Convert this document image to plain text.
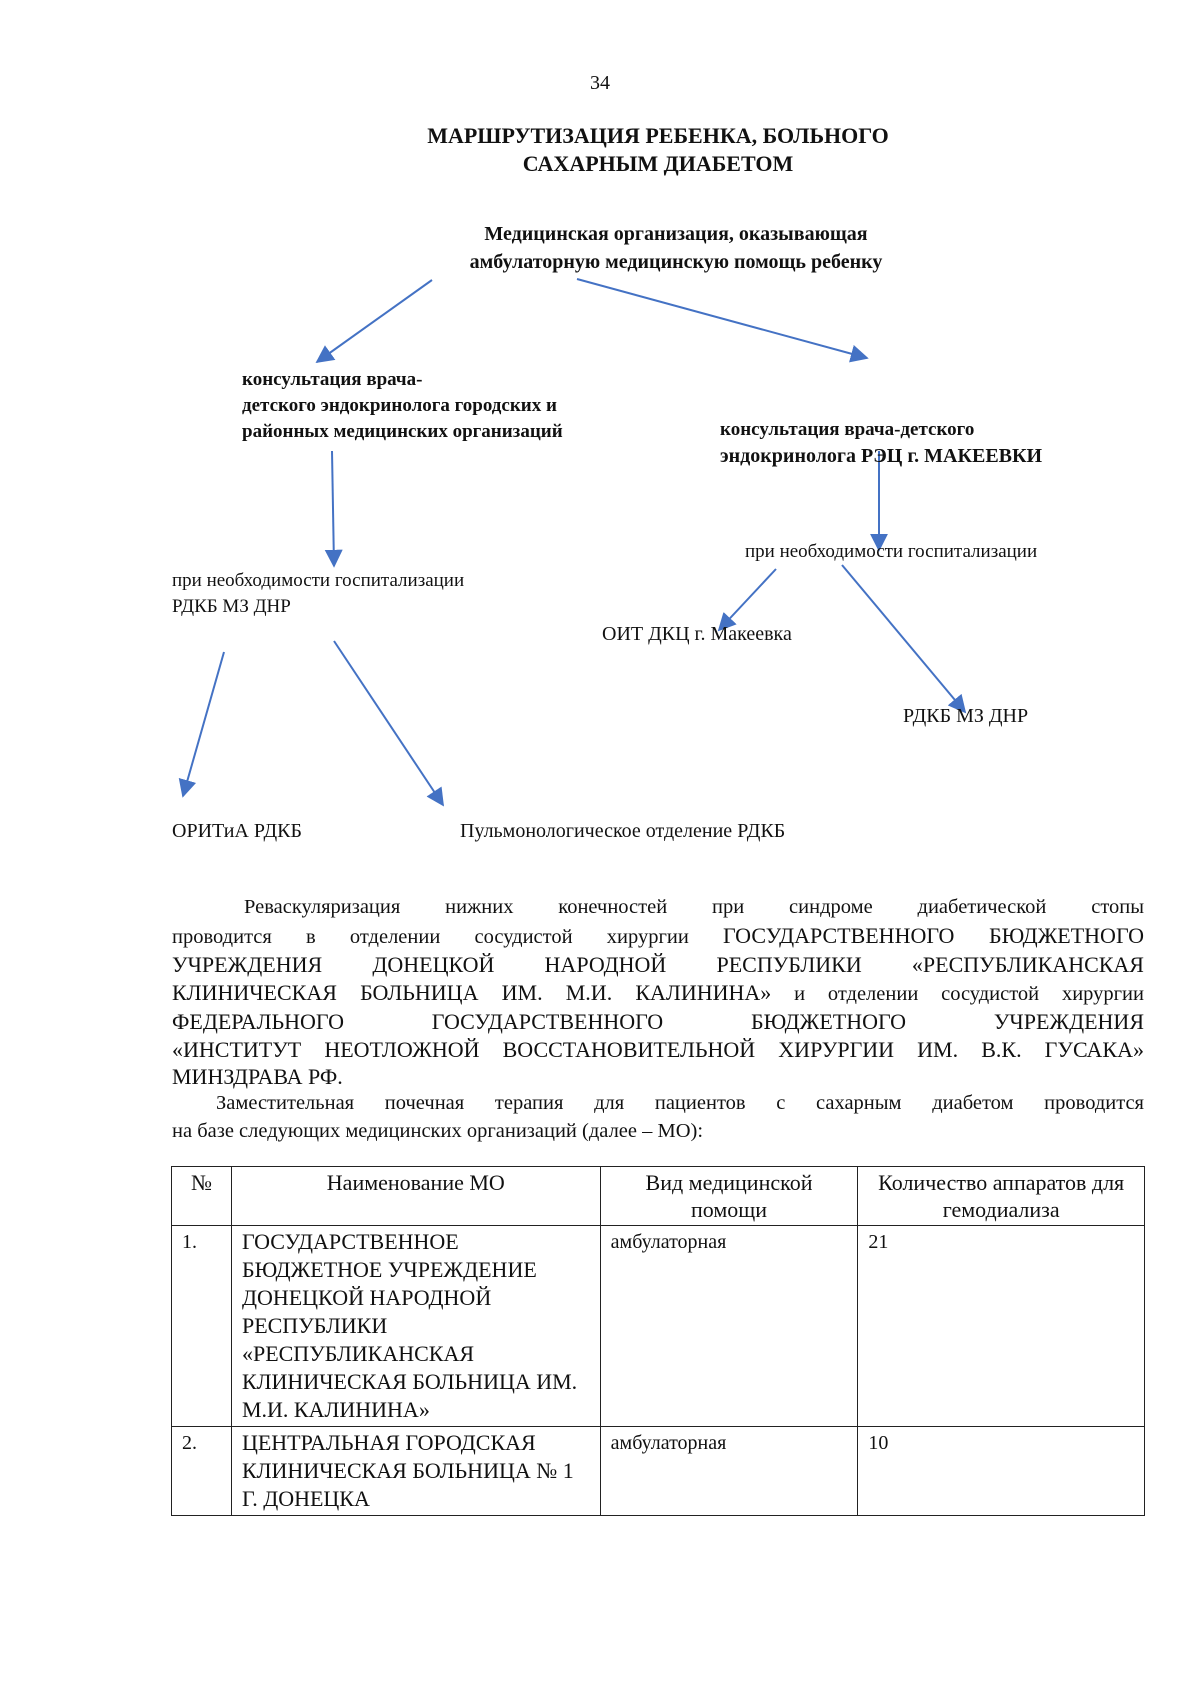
34
МАРШРУТИЗАЦИЯ РЕБЕНКА, БОЛЬНОГО
САХАРНЫМ ДИАБЕТОМ
Медицинская организация, оказывающая
амбулаторную медицинскую помощь ребенку
консультация врача-
детского эндокринолога городских и
районных медицинских организаций	консультация врача-детского
эндокринолога РЭЦ г. МАКЕЕВКИ
при необходимости госпитализации
РДКБ МЗ ДНР
при необходимости госпитализации
ОИТ ДКЦ г. Макеевка
РДКБ МЗ ДНР
ОРИТиА РДКБ	Пульмонологическое отделение РДКБ
Реваскуляризация нижних конечностей при синдроме диабетической стопы
проводится в отделении сосудистой хирургии ГОСУДАРСТВЕННОГО БЮДЖЕТНОГО
УЧРЕЖДЕНИЯ ДОНЕЦКОЙ НАРОДНОЙ РЕСПУБЛИКИ «РЕСПУБЛИКАНСКАЯ
КЛИНИЧЕСКАЯ БОЛЬНИЦА ИМ. М.И. КАЛИНИНА» и отделении сосудистой хирургии
ФЕДЕРАЛЬНОГО ГОСУДАРСТВЕННОГО БЮДЖЕТНОГО УЧРЕЖДЕНИЯ
«ИНСТИТУТ НЕОТЛОЖНОЙ ВОССТАНОВИТЕЛЬНОЙ ХИРУРГИИ ИМ. В.К. ГУСАКА»
МИНЗДРАВА РФ.
Заместительная почечная терапия для пациентов с сахарным диабетом проводится
на базе следующих медицинских организаций (далее – МО):
№	Наименование МО	Вид медицинской помощи	Количество аппаратов для гемодиализа
1.	ГОСУДАРСТВЕННОЕ БЮДЖЕТНОЕ УЧРЕЖДЕНИЕ ДОНЕЦКОЙ НАРОДНОЙ РЕСПУБЛИКИ «РЕСПУБЛИКАНСКАЯ КЛИНИЧЕСКАЯ БОЛЬНИЦА ИМ. М.И. КАЛИНИНА»	амбулаторная	21
2.	ЦЕНТРАЛЬНАЯ ГОРОДСКАЯ КЛИНИЧЕСКАЯ БОЛЬНИЦА № 1 Г. ДОНЕЦКА	амбулаторная	10
